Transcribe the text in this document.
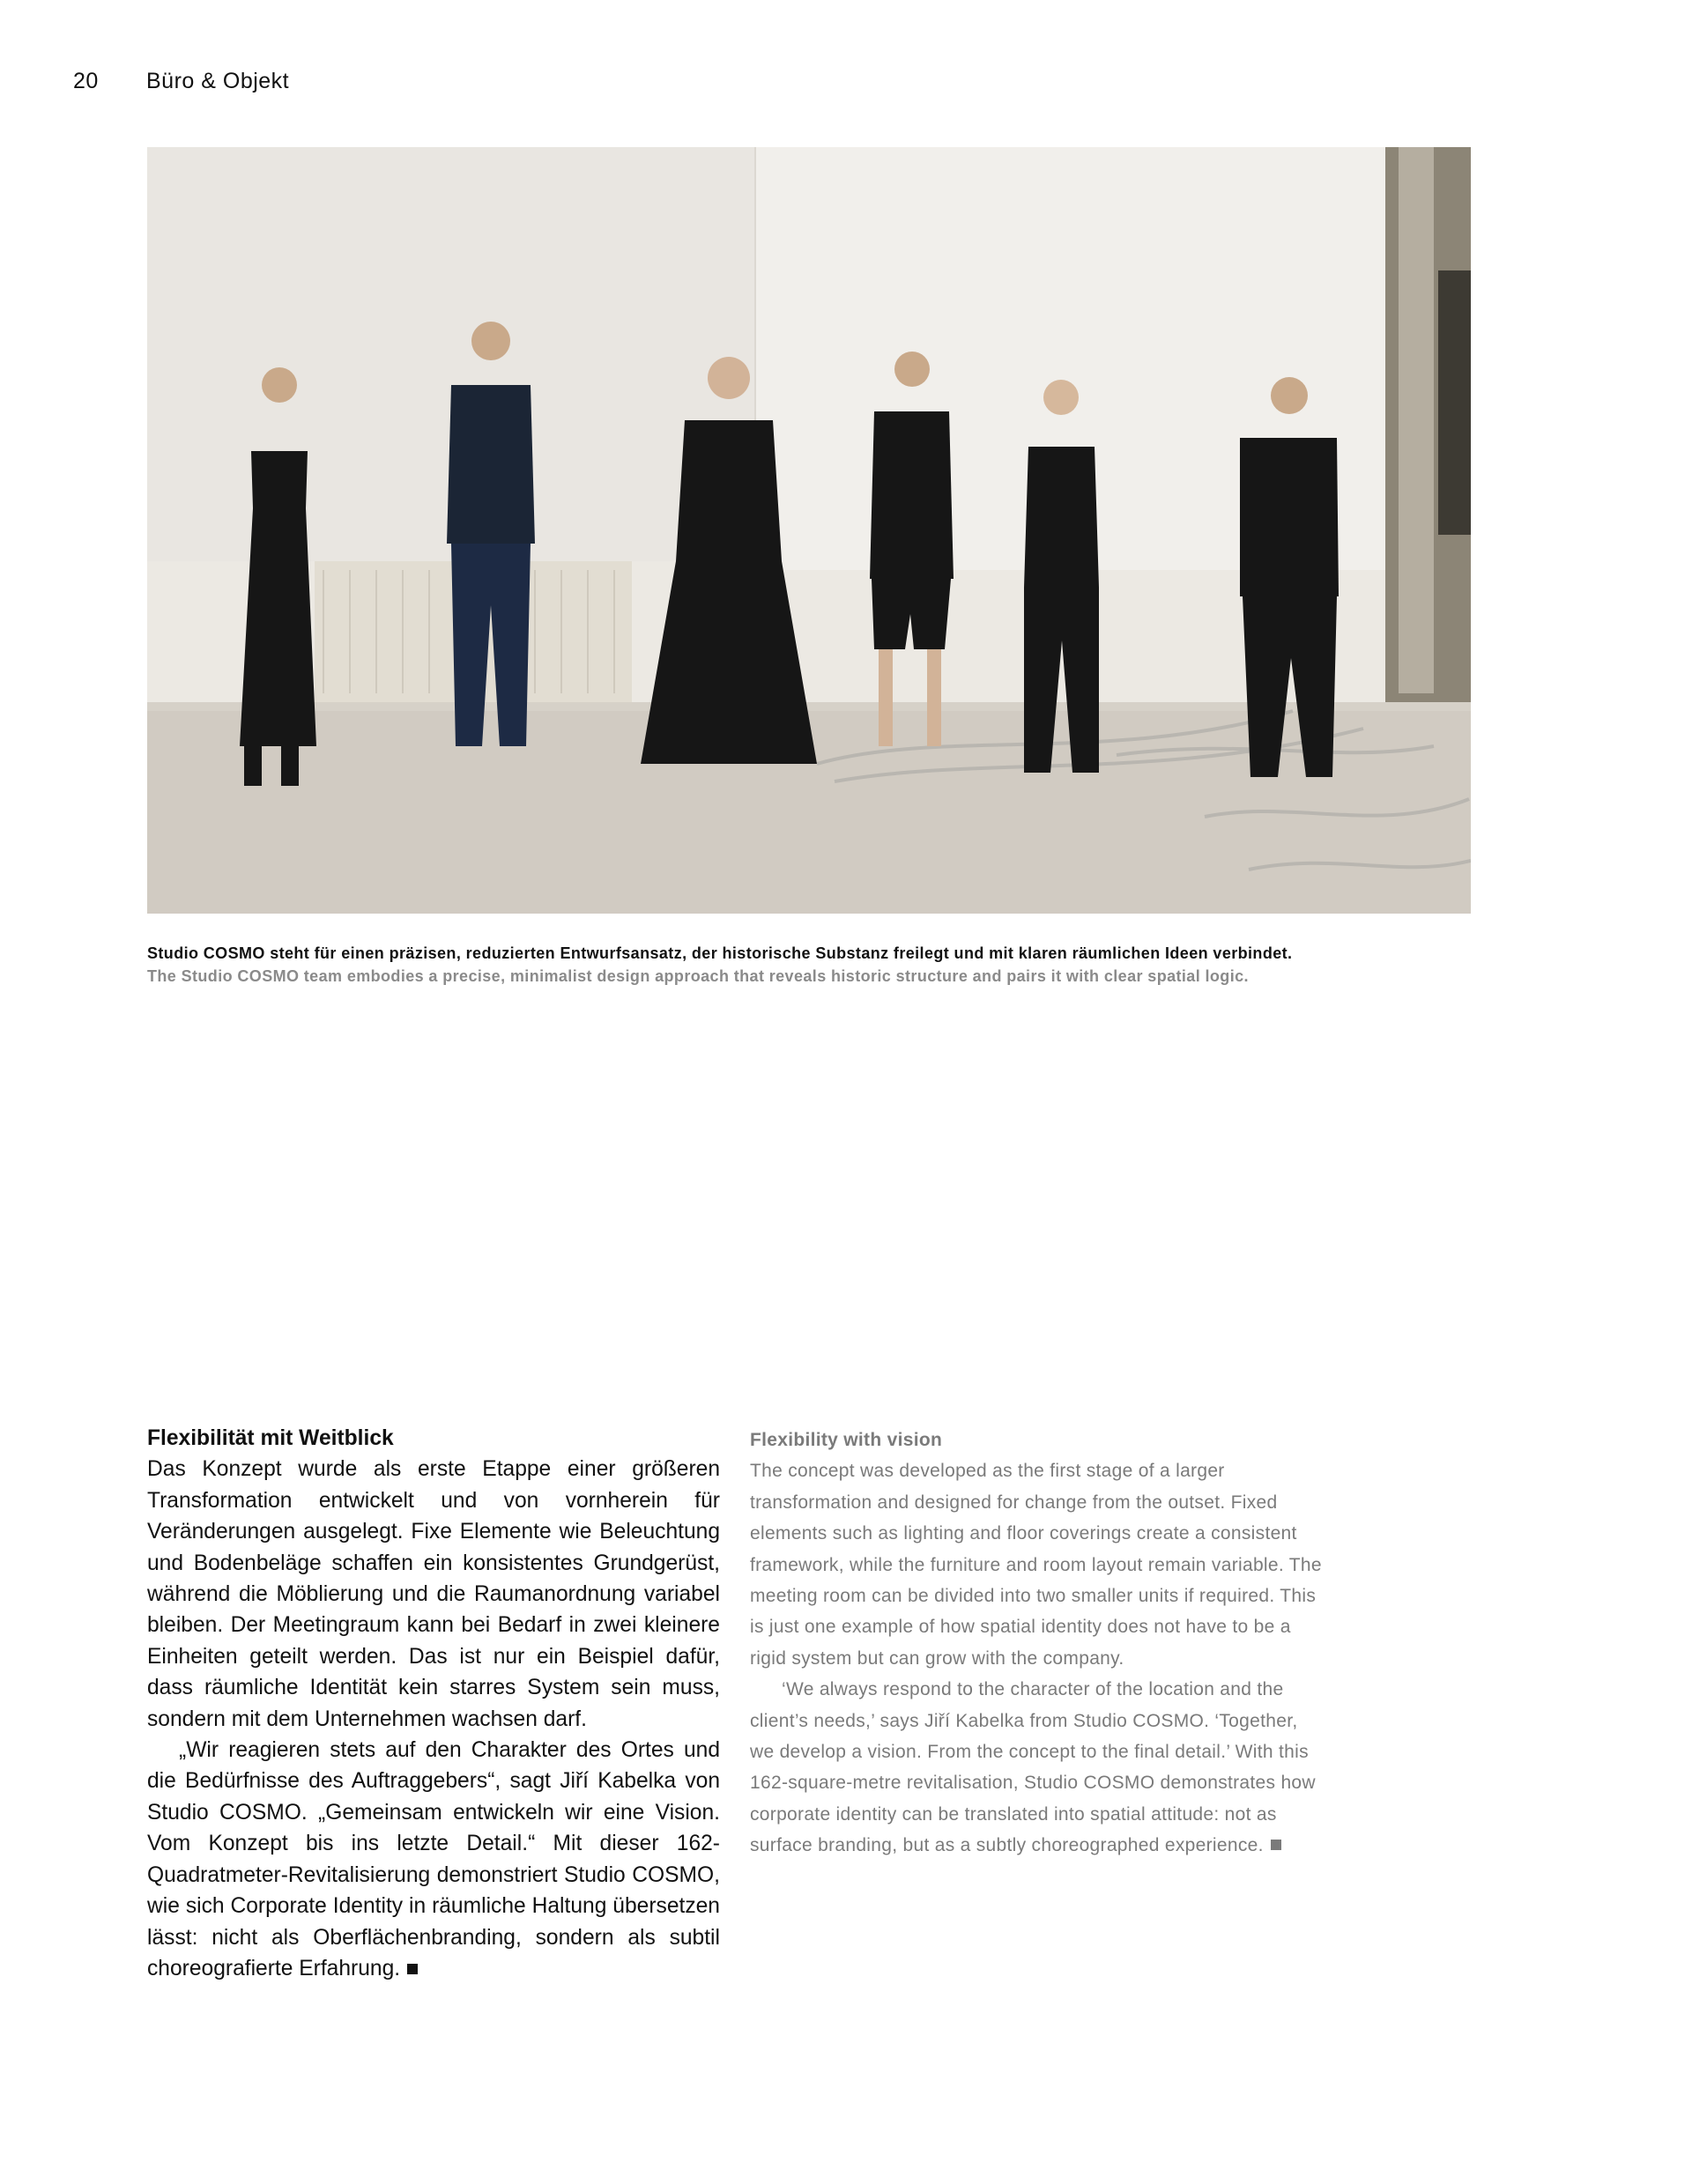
20 Büro & Objekt
Studio COSMO steht für einen präzisen, reduzierten Entwurfsansatz, der historische Substanz freilegt und mit klaren räumlichen Ideen verbindet.
The Studio COSMO team embodies a precise, minimalist design approach that reveals historic structure and pairs it with clear spatial logic.
Flexibilität mit Weitblick

Das Konzept wurde als erste Etappe einer größeren Transformation entwickelt und von vornherein für Veränderungen ausgelegt. Fixe Elemente wie Beleuchtung und Bodenbeläge schaffen ein konsistentes Grundgerüst, während die Möblierung und die Raumanordnung variabel bleiben. Der Meetingraum kann bei Bedarf in zwei kleinere Einheiten geteilt werden. Das ist nur ein Beispiel dafür, dass räumliche Identität kein starres System sein muss, sondern mit dem Unternehmen wachsen darf.

„Wir reagieren stets auf den Charakter des Ortes und die Bedürfnisse des Auftraggebers“, sagt Jiří Kabelka von Studio COSMO. „Gemeinsam entwickeln wir eine Vision. Vom Konzept bis ins letzte Detail.“ Mit dieser 162-Quadratmeter-Revitalisierung demonstriert Studio COSMO, wie sich Corporate Identity in räumliche Haltung übersetzen lässt: nicht als Oberflächenbranding, sondern als subtil choreografierte Erfahrung.

Flexibility with vision

The concept was developed as the first stage of a larger transformation and designed for change from the outset. Fixed elements such as lighting and floor coverings create a consistent framework, while the furniture and room layout remain variable. The meeting room can be divided into two smaller units if required. This is just one example of how spatial identity does not have to be a rigid system but can grow with the company.

‘We always respond to the character of the location and the client’s needs,’ says Jiří Kabelka from Studio COSMO. ‘Together, we develop a vision. From the concept to the final detail.’ With this 162-square-metre revitalisation, Studio COSMO demonstrates how corporate identity can be translated into spatial attitude: not as surface branding, but as a subtly choreographed experience.
